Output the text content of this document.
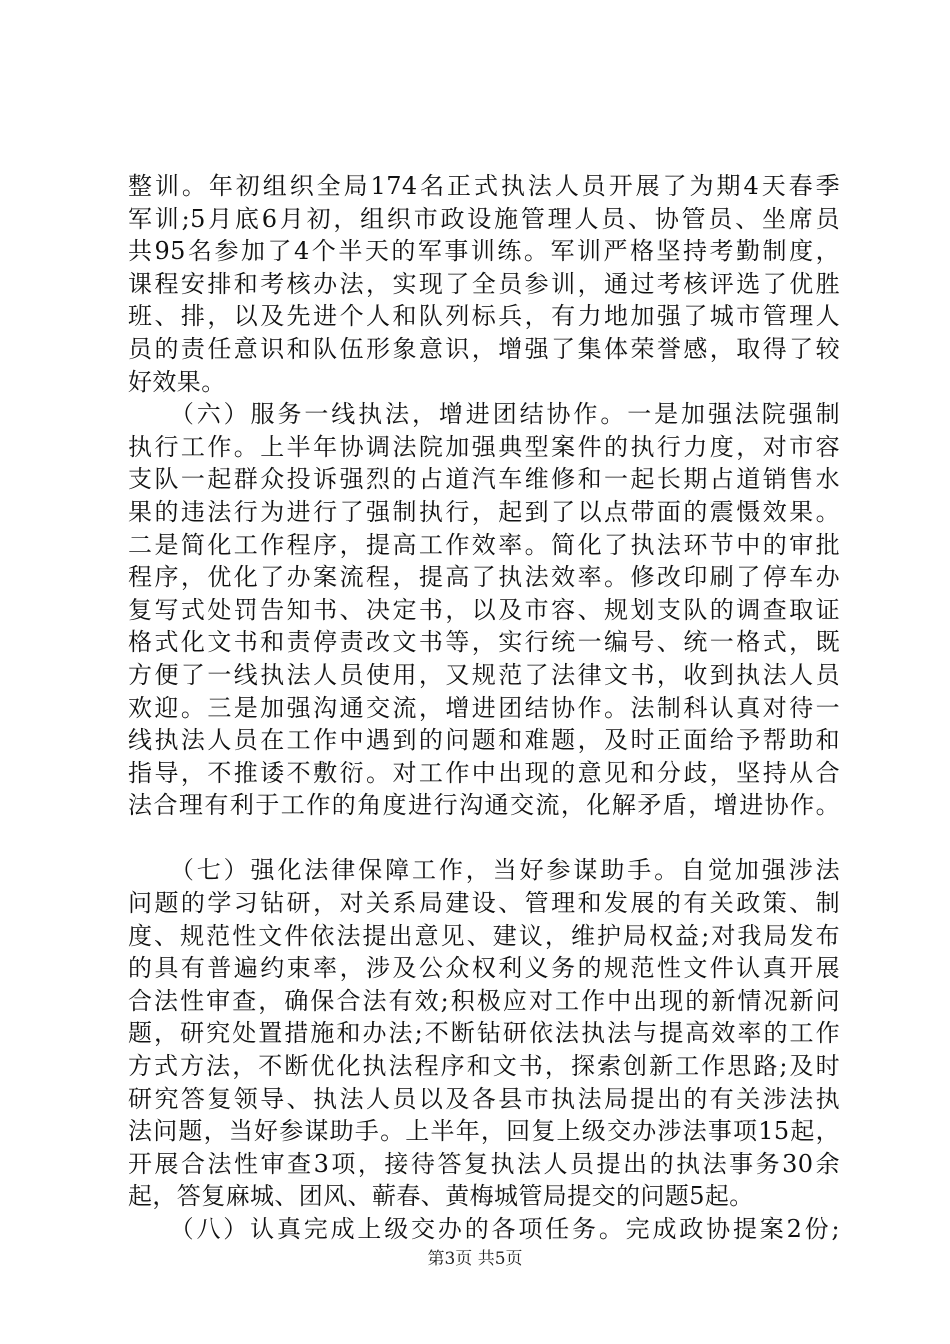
整训。年初组织全局174名正式执法人员开展了为期4天春季
军训;5月底6月初，组织市政设施管理人员、协管员、坐席员
共95名参加了4个半天的军事训练。军训严格坚持考勤制度，
课程安排和考核办法，实现了全员参训，通过考核评选了优胜
班、排，以及先进个人和队列标兵，有力地加强了城市管理人
员的责任意识和队伍形象意识，增强了集体荣誉感，取得了较
好效果。
　　（六）服务一线执法，增进团结协作。一是加强法院强制
执行工作。上半年协调法院加强典型案件的执行力度，对市容
支队一起群众投诉强烈的占道汽车维修和一起长期占道销售水
果的违法行为进行了强制执行，起到了以点带面的震慑效果。
二是简化工作程序，提高工作效率。简化了执法环节中的审批
程序，优化了办案流程，提高了执法效率。修改印刷了停车办
复写式处罚告知书、决定书，以及市容、规划支队的调查取证
格式化文书和责停责改文书等，实行统一编号、统一格式，既
方便了一线执法人员使用，又规范了法律文书，收到执法人员
欢迎。三是加强沟通交流，增进团结协作。法制科认真对待一
线执法人员在工作中遇到的问题和难题，及时正面给予帮助和
指导，不推诿不敷衍。对工作中出现的意见和分歧，坚持从合
法合理有利于工作的角度进行沟通交流，化解矛盾，增进协作。
　　（七）强化法律保障工作，当好参谋助手。自觉加强涉法
问题的学习钻研，对关系局建设、管理和发展的有关政策、制
度、规范性文件依法提出意见、建议，维护局权益;对我局发布
的具有普遍约束率，涉及公众权利义务的规范性文件认真开展
合法性审查，确保合法有效;积极应对工作中出现的新情况新问
题，研究处置措施和办法;不断钻研依法执法与提高效率的工作
方式方法，不断优化执法程序和文书，探索创新工作思路;及时
研究答复领导、执法人员以及各县市执法局提出的有关涉法执
法问题，当好参谋助手。上半年，回复上级交办涉法事项15起，
开展合法性审查3项，接待答复执法人员提出的执法事务30余
起，答复麻城、团风、蕲春、黄梅城管局提交的问题5起。
　　（八）认真完成上级交办的各项任务。完成政协提案2份;
第3页 共5页
